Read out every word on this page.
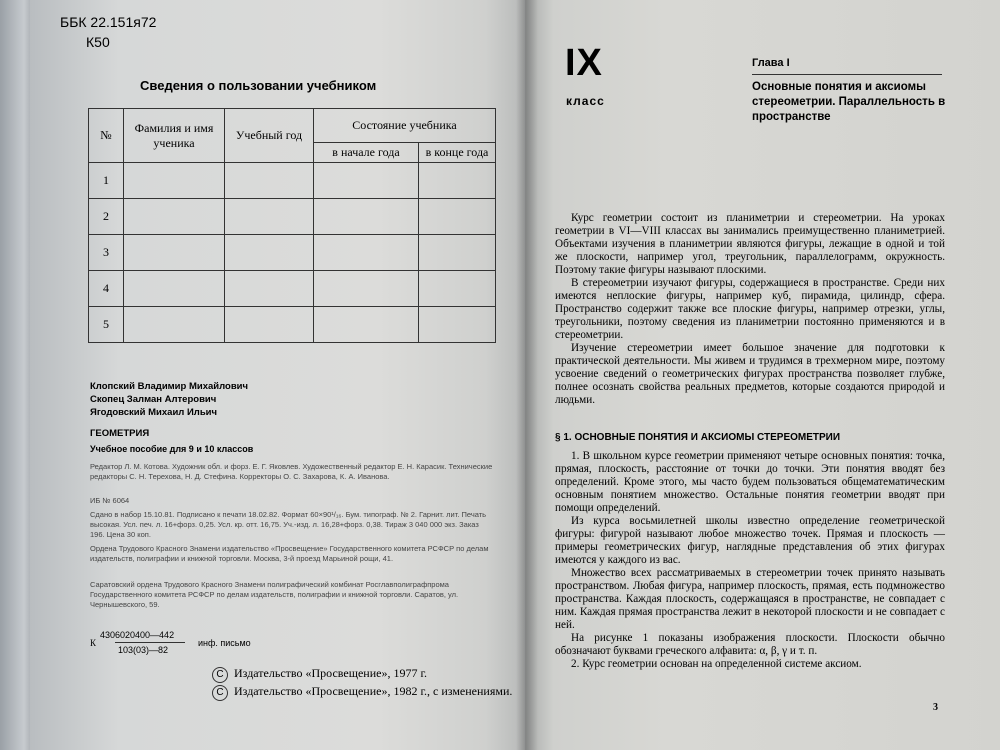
ББК 22.151я72
К50
Сведения о пользовании учебником
№	Фамилия и имя ученика	Учебный год	Состояние учебника	
			в начале года	в конце года
1				
2				
3				
4				
5				
Клопский Владимир Михайлович
Скопец Залман Алтерович
Ягодовский Михаил Ильич
ГЕОМЕТРИЯ
Учебное пособие для 9 и 10 классов
Редактор Л. М. Котова. Художник обл. и форз. Е. Г. Яковлев. Художественный редактор Е. Н. Карасик. Технические редакторы С. Н. Терехова, Н. Д. Стефина. Корректоры О. С. Захарова, К. А. Иванова.
ИБ № 6064
Сдано в набор 15.10.81. Подписано к печати 18.02.82. Формат 60×90¹/₁₆. Бум. типограф. № 2. Гарнит. лит. Печать высокая. Усл. печ. л. 16+форз. 0,25. Усл. кр. отт. 16,75. Уч.-изд. л. 16,28+форз. 0,38. Тираж 3 040 000 экз. Заказ 196. Цена 30 коп.
Ордена Трудового Красного Знамени издательство «Просвещение» Государственного комитета РСФСР по делам издательств, полиграфии и книжной торговли. Москва, 3-й проезд Марьиной рощи, 41.
Саратовский ордена Трудового Красного Знамени полиграфический комбинат Росглавполиграфпрома Государственного комитета РСФСР по делам издательств, полиграфии и книжной торговли. Саратов, ул. Чернышевского, 59.
К
4306020400—442
103(03)—82
инф. письмо
C Издательство «Просвещение», 1977 г.
C Издательство «Просвещение», 1982 г., с изменениями.
IX
класс
Глава I
Основные понятия и аксиомы стереометрии. Параллельность в пространстве

Курс геометрии состоит из планиметрии и стереометрии. На уроках геометрии в VI—VIII классах вы занимались преимущественно планиметрией. Объектами изучения в планиметрии являются фигуры, лежащие в одной и той же плоскости, например угол, треугольник, параллелограмм, окружность. Поэтому такие фигуры называют плоскими.

В стереометрии изучают фигуры, содержащиеся в пространстве. Среди них имеются неплоские фигуры, например куб, пирамида, цилиндр, сфера. Пространство содержит также все плоские фигуры, например отрезки, углы, треугольники, поэтому сведения из планиметрии постоянно применяются и в стереометрии.

Изучение стереометрии имеет большое значение для подготовки к практической деятельности. Мы живем и трудимся в трехмерном мире, поэтому усвоение сведений о геометрических фигурах пространства позволяет глубже, полнее осознать свойства реальных предметов, которые создаются природой и людьми.

§ 1. ОСНОВНЫЕ ПОНЯТИЯ И АКСИОМЫ СТЕРЕОМЕТРИИ

1. В школьном курсе геометрии применяют четыре основных понятия: точка, прямая, плоскость, расстояние от точки до точки. Эти понятия вводят без определений. Кроме этого, мы часто будем пользоваться общематематическим основным понятием множество. Остальные понятия геометрии вводят при помощи определений.

Из курса восьмилетней школы известно определение геометрической фигуры: фигурой называют любое множество точек. Прямая и плоскость — примеры геометрических фигур, наглядные представления об этих фигурах имеются у каждого из вас.

Множество всех рассматриваемых в стереометрии точек принято называть пространством. Любая фигура, например плоскость, прямая, есть подмножество пространства. Каждая плоскость, содержащаяся в пространстве, не совпадает с ним. Каждая прямая пространства лежит в некоторой плоскости и не совпадает с ней.

На рисунке 1 показаны изображения плоскости. Плоскости обычно обозначают буквами греческого алфавита: α, β, γ и т. п.

2. Курс геометрии основан на определенной системе аксиом.

3
